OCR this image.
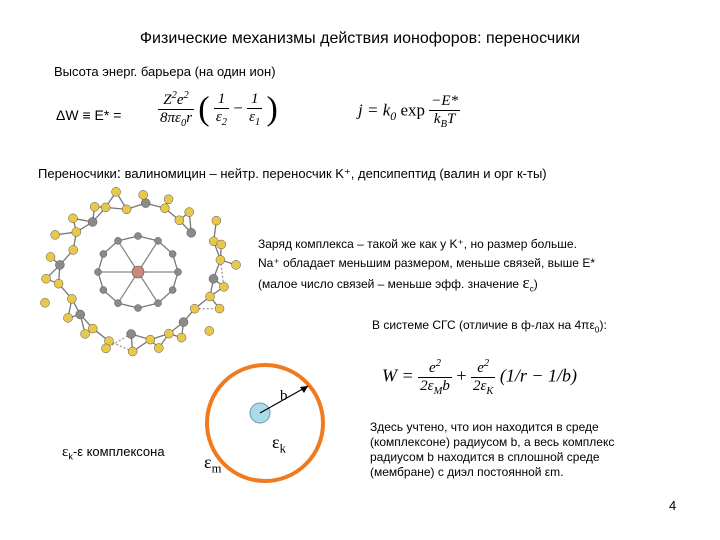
Физические механизмы действия ионофоров: переносчики
Высота энерг. барьера (на один ион)
$\Delta W \equiv E* = \frac{Z^2e^2}{8\pi\varepsilon_0r}$ ( $\frac{1}{\varepsilon_2} - \frac{1}{\varepsilon_1}$ )	$j = k_0$ $\exp \frac{-E*}{k_BT}$
Переносчики: валиномицин – нейтр. переносчик K⁺, депсипептид (валин и орг к-ты)
Заряд комплекса – такой же как у K⁺, но размер больше.
Na⁺ обладает меньшим размером, меньше связей, выше E*
(малое число связей – меньше эфф. значение $\varepsilon_c$)
В системе СГС (отличие в ф-лах на $4\pi\varepsilon_0$):
$W = \frac{e^2}{2\varepsilon_Mb} + \frac{e^2}{2\varepsilon_K} (1/r - 1/b)$
b
$\varepsilon_k$
$\varepsilon_m$
$\varepsilon_k-\varepsilon$ комплексона
Здесь учтено, что ион находится в среде
(комплексоне) радиусом b, а весь комплекс
радиусом b находится в сплошной среде
(мембране) с диэл постоянной εm.
4
